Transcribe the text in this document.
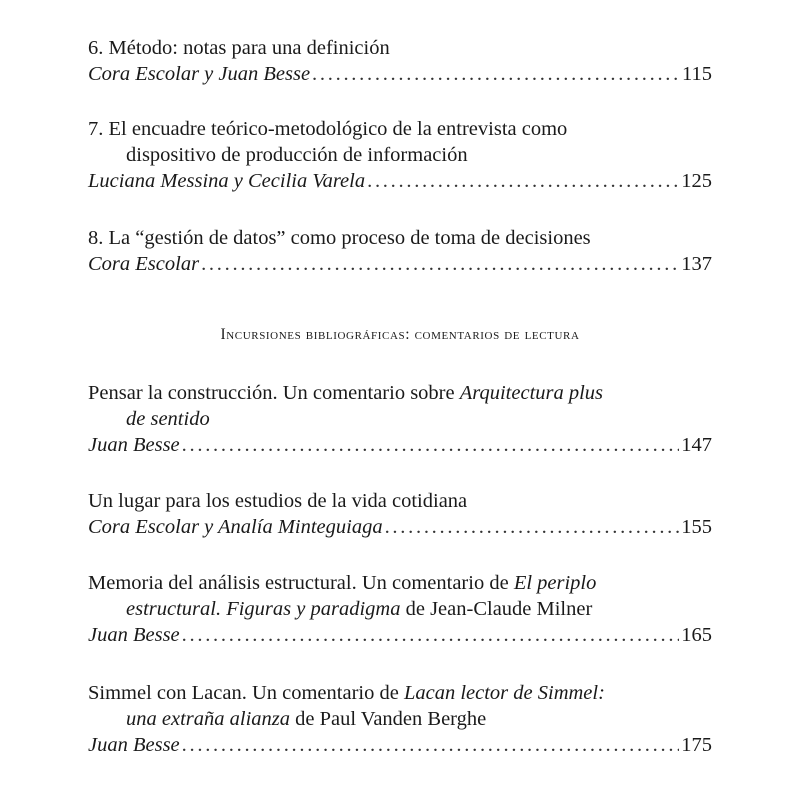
6. Método: notas para una definición
Cora Escolar y Juan Besse . . .	115
7. El encuadre teórico-metodológico de la entrevista como
dispositivo de producción de información
Luciana Messina y Cecilia Varela . . .	125
8. La “gestión de datos” como proceso de toma de decisiones
Cora Escolar . . .	137
Incursiones bibliográficas: comentarios de lectura
Pensar la construcción. Un comentario sobre Arquitectura plus
de sentido
Juan Besse . . .	147
Un lugar para los estudios de la vida cotidiana
Cora Escolar y Analía Minteguiaga . . .	155
Memoria del análisis estructural. Un comentario de El periplo
estructural. Figuras y paradigma de Jean-Claude Milner
Juan Besse . . .	165
Simmel con Lacan. Un comentario de Lacan lector de Simmel:
una extraña alianza de Paul Vanden Berghe
Juan Besse . . .	175
